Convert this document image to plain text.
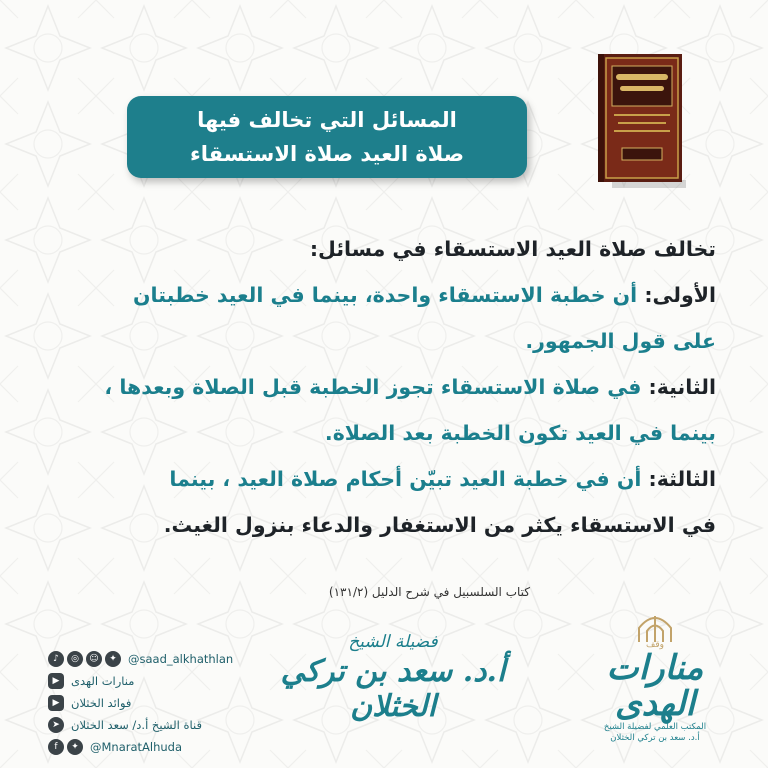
المسائل التي تخالف فيها
صلاة العيد صلاة الاستسقاء
تخالف صلاة العيد الاستسقاء في مسائل:
الأولى: أن خطبة الاستسقاء واحدة، بينما في العيد خطبتان
على قول الجمهور.
الثانية: في صلاة الاستسقاء تجوز الخطبة قبل الصلاة وبعدها ،
بينما في العيد تكون الخطبة بعد الصلاة.
الثالثة: أن في خطبة العيد تبيّن أحكام صلاة العيد ، بينما
في الاستسقاء يكثر من الاستغفار والدعاء بنزول الغيث.
كتاب السلسبيل في شرح الدليل (١٣١/٢)
♪	◎	☺	✦ @saad_alkhathlan
▶	منارات الهدى
▶	فوائد الخثلان
➤ قناة الشيخ أ.د/ سعد الخثلان
f	✦ @MnaratAlhuda
فضيلة الشيخ
أ.د. سعد بن تركي الخثلان
وقف
منارات الهدى
المكتب العلمي لفضيلة الشيخ
أ.د. سعد بن تركي الخثلان
